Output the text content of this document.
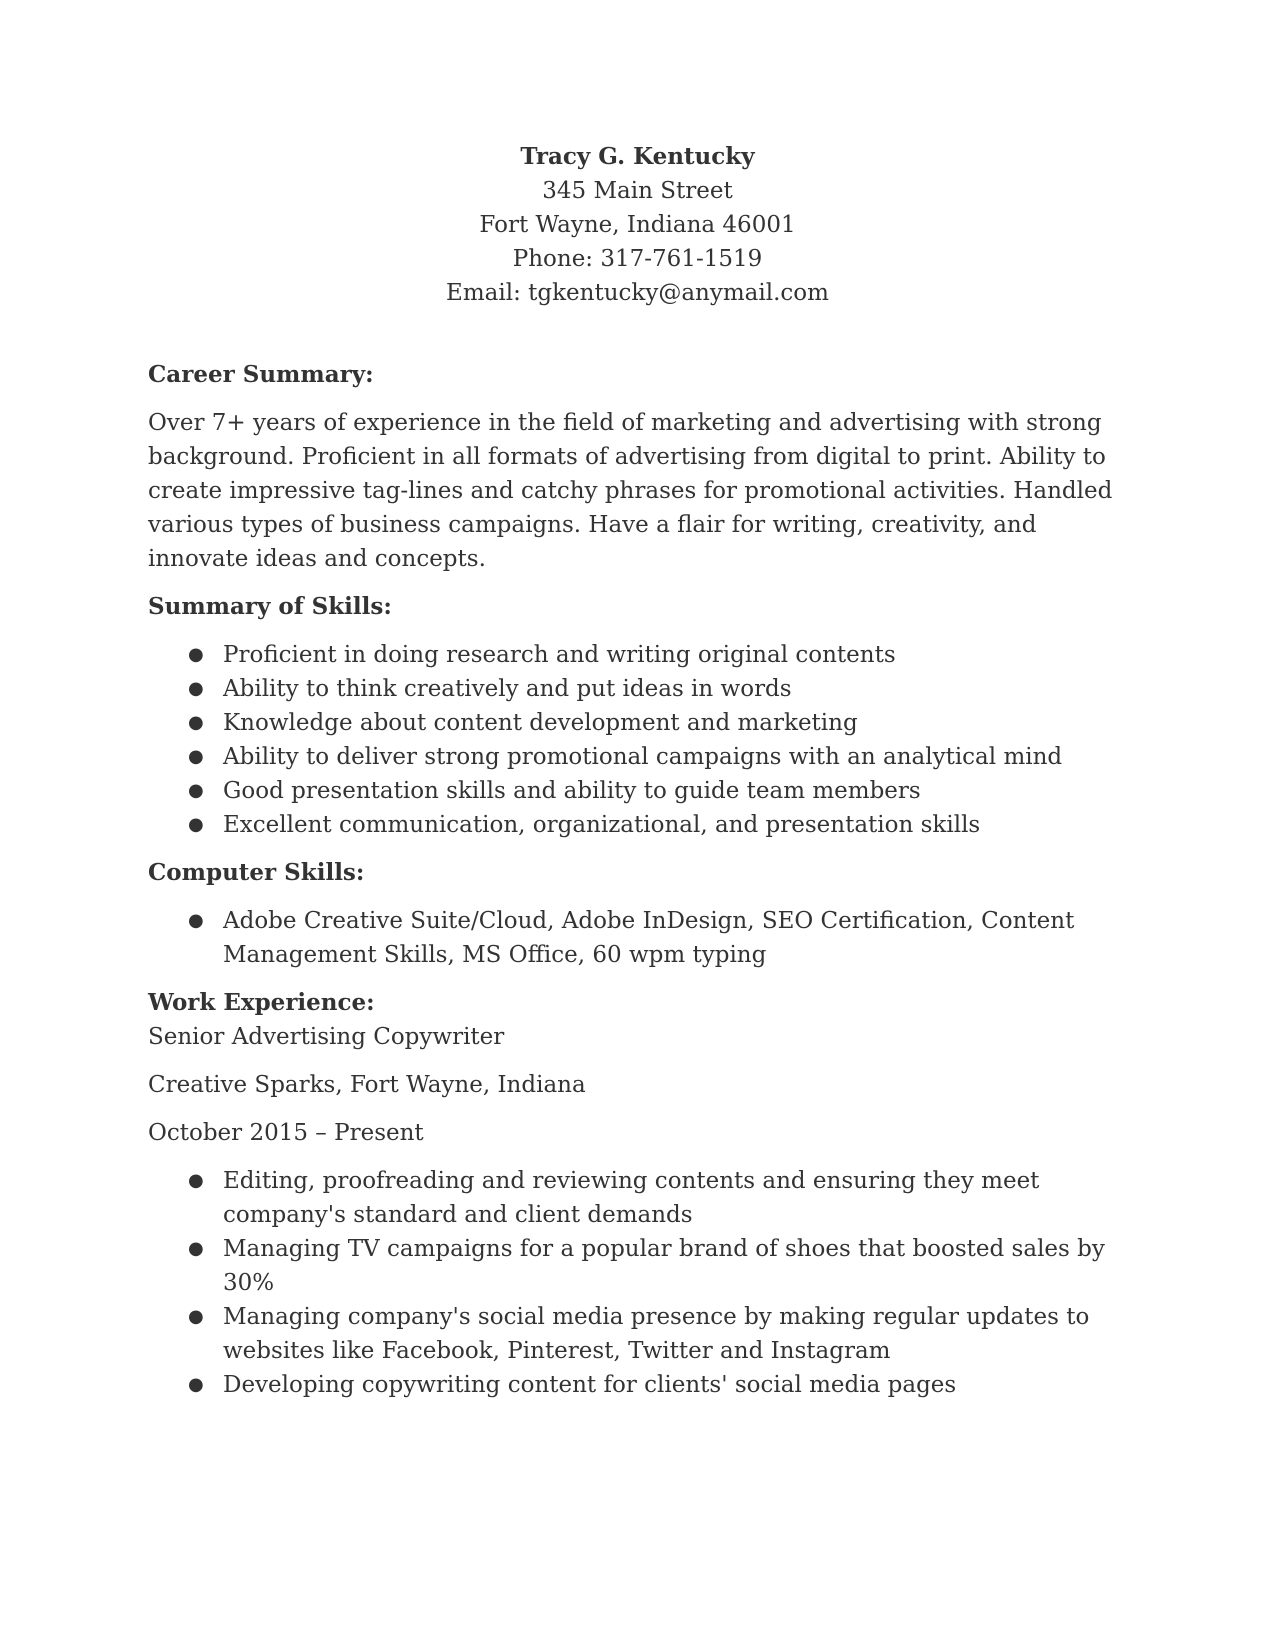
Tracy G. Kentucky
345 Main Street
Fort Wayne, Indiana 46001
Phone: 317-761-1519
Email: tgkentucky@anymail.com
Career Summary:

Over 7+ years of experience in the field of marketing and advertising with strong background. Proficient in all formats of advertising from digital to print. Ability to create impressive tag-lines and catchy phrases for promotional activities. Handled various types of business campaigns. Have a flair for writing, creativity, and innovate ideas and concepts.

Summary of Skills:
● Proficient in doing research and writing original contents
● Ability to think creatively and put ideas in words
● Knowledge about content development and marketing
● Ability to deliver strong promotional campaigns with an analytical mind
● Good presentation skills and ability to guide team members
● Excellent communication, organizational, and presentation skills
Computer Skills:
● Adobe Creative Suite/Cloud, Adobe InDesign, SEO Certification, Content Management Skills, MS Office, 60 wpm typing
Work Experience:

Senior Advertising Copywriter

Creative Sparks, Fort Wayne, Indiana

October 2015 – Present

● Editing, proofreading and reviewing contents and ensuring they meet company's standard and client demands
● Managing TV campaigns for a popular brand of shoes that boosted sales by 30%
● Managing company's social media presence by making regular updates to websites like Facebook, Pinterest, Twitter and Instagram
● Developing copywriting content for clients' social media pages
